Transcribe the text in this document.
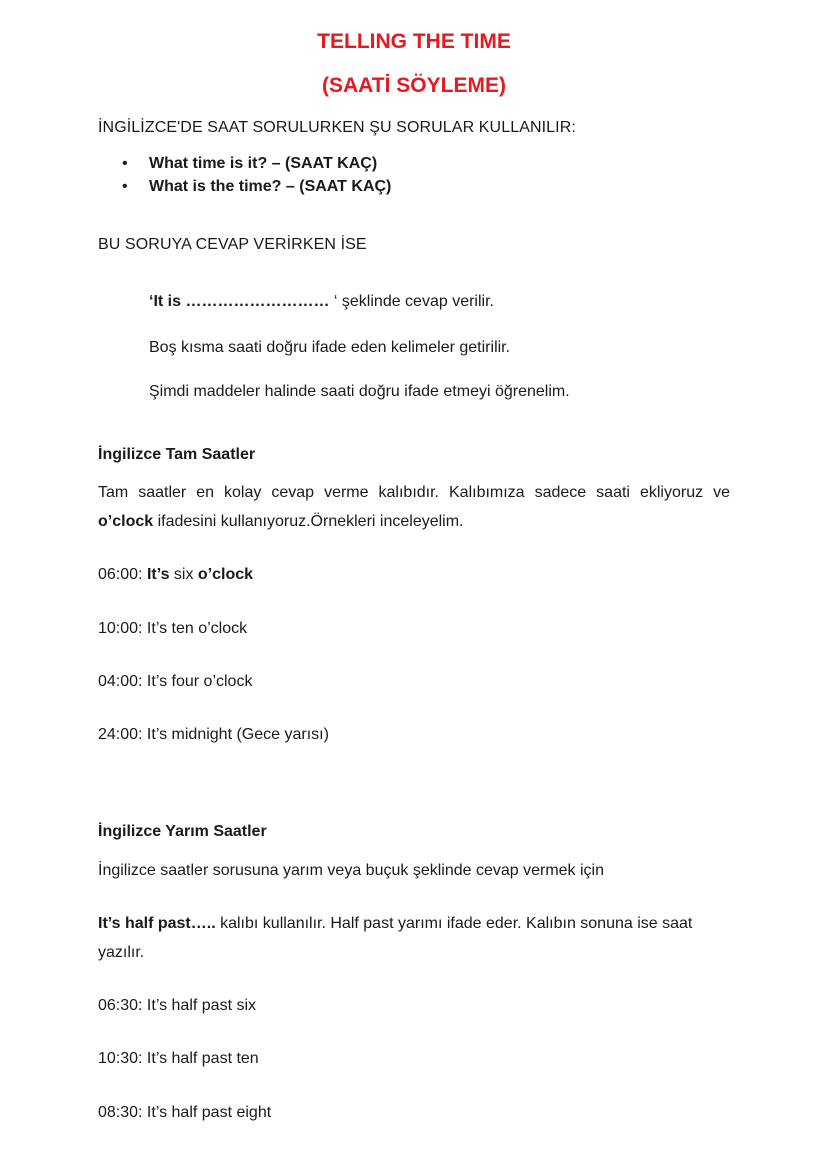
TELLING THE TIME
(SAATİ SÖYLEME)
İNGİLİZCE'DE SAAT SORULURKEN ŞU SORULAR KULLANILIR:
• What time is it? – (SAAT KAÇ)
• What is the time? – (SAAT KAÇ)
BU SORUYA CEVAP VERİRKEN İSE
‘It is ……………………… ‘ şeklinde cevap verilir.
Boş kısma saati doğru ifade eden kelimeler getirilir.
Şimdi maddeler halinde saati doğru ifade etmeyi öğrenelim.
İngilizce Tam Saatler
Tam saatler en kolay cevap verme kalıbıdır. Kalıbımıza sadece saati ekliyoruz ve
o’clock ifadesini kullanıyoruz.Örnekleri inceleyelim.
06:00: It’s six o’clock
10:00: It’s ten o’clock
04:00: It’s four o’clock
24:00: It’s midnight (Gece yarısı)
İngilizce Yarım Saatler
İngilizce saatler sorusuna yarım veya buçuk şeklinde cevap vermek için
It’s half past….. kalıbı kullanılır. Half past yarımı ifade eder. Kalıbın sonuna ise saat
yazılır.
06:30: It’s half past six
10:30: It’s half past ten
08:30: It’s half past eight
